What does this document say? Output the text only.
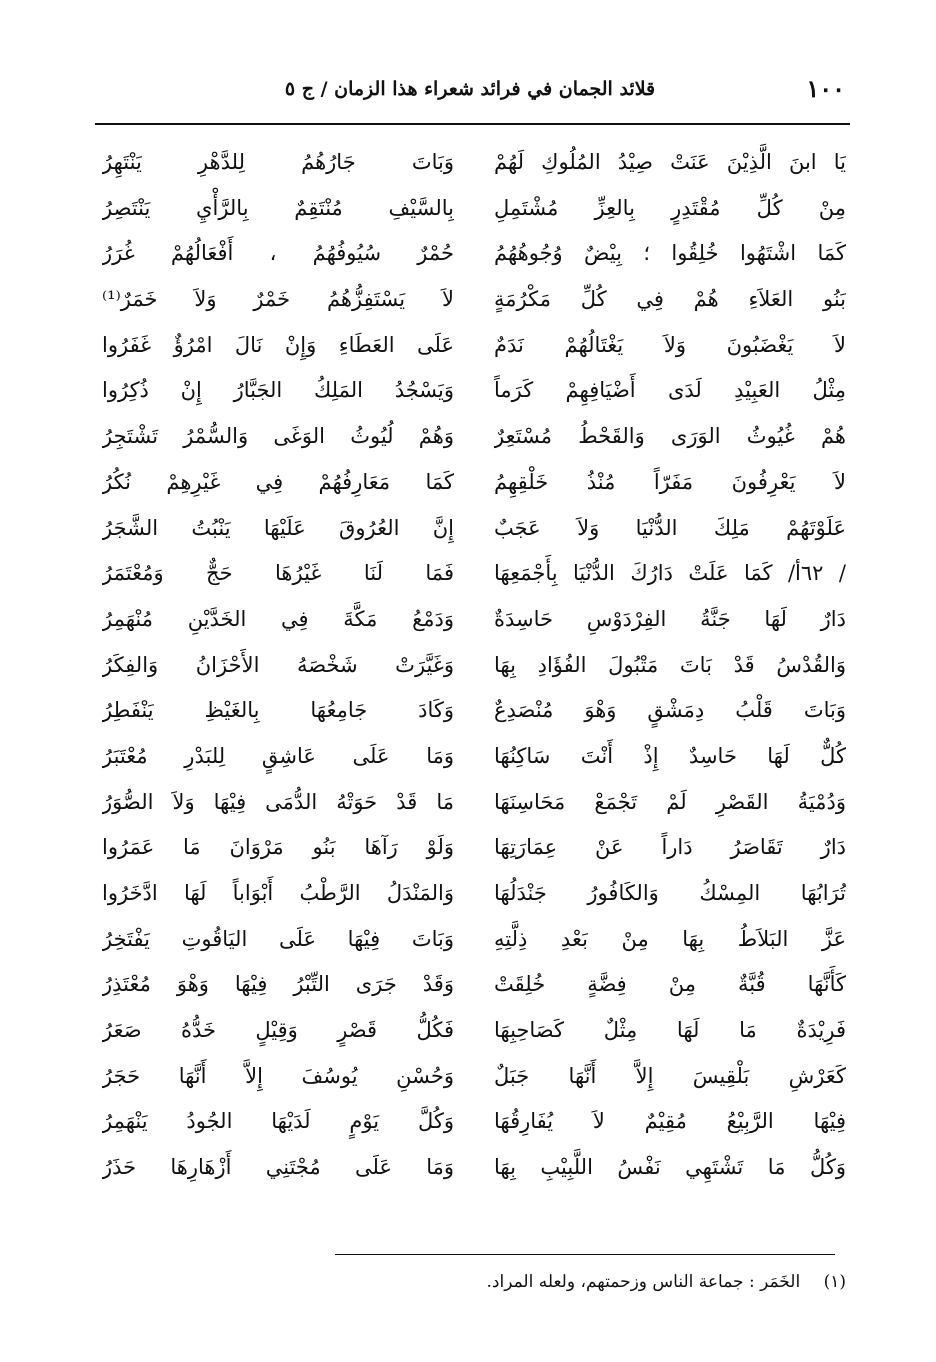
١٠٠
قلائد الجمان في فرائد شعراء هذا الزمان / ج ٥
يَا ابنَ الَّذِيْنَ عَنَتْ صِيْدُ المُلُوكِ لَهُمْ
مِنْ كُلِّ مُقْتَدِرٍ بِالعِزِّ مُشْتَمِلِ
كَمَا اشْتَهُوا خُلِقُوا ؛ بِيْضٌ وُجُوهُهُمُ
بَنُو العَلاَءِ هُمْ فِي كُلِّ مَكْرُمَةٍ
لاَ يَغْضَبُونَ وَلاَ يَغْتَالُهُمْ نَدَمٌ
مِثْلُ العَبِيْدِ لَدَى أَضْيَافِهِمْ كَرَماً
هُمْ غُيُوثُ الوَرَى وَالقَحْطُ مُسْتَعِرٌ
لاَ يَعْرِفُونَ مَفَرّاً مُنْذُ خَلْقِهِمُ
عَلَوْتَهُمْ مَلِكَ الدُّنْيَا وَلاَ عَجَبٌ
/ ٦٢أ/ كَمَا عَلَتْ دَارُكَ الدُّنْيَا بِأَجْمَعِهَا
دَارٌ لَهَا جَنَّةُ الفِرْدَوْسِ حَاسِدَةٌ
وَالقُدْسُ قَدْ بَاتَ مَتْبُولَ الفُؤَادِ بِهَا
وَبَاتَ قَلْبُ دِمَشْقٍ وَهْوَ مُنْصَدِعٌ
كُلٌّ لَهَا حَاسِدٌ إِذْ أَنْتَ سَاكِنُهَا
وَدُمْيَةُ القَصْرِ لَمْ تَجْمَعْ مَحَاسِنَهَا
دَارٌ تَقَاصَرُ دَاراً عَنْ عِمَارَتِهَا
تُرَابُهَا المِسْكُ وَالكَافُورُ جَنْدَلُهَا
عَزَّ البَلاَطُ بِهَا مِنْ بَعْدِ ذِلَّتِهِ
كَأَنَّهَا قُبَّةٌ مِنْ فِضَّةٍ خُلِقَتْ
فَرِيْدَةٌ مَا لَهَا مِثْلٌ كَصَاحِبِهَا
كَعَرْشِ بَلْقِيسَ إِلاَّ أَنَّهَا جَبَلٌ
فِيْهَا الرَّبِيْعُ مُقِيْمٌ لاَ يُفَارِقُهَا
وَكُلُّ مَا تَشْتَهِي نَفْسُ اللَّبِيْبِ بِهَا
وَبَاتَ جَارُهُمُ لِلدَّهْرِ يَنْتَهِرُ
بِالسَّيْفِ مُنْتَقِمٌ بِالرَّأْيِ يَنْتَصِرُ
حُمْرٌ سُيُوفُهُمُ ، أَفْعَالُهُمْ غُرَرُ
لاَ يَسْتَفِزُّهُمُ خَمْرٌ وَلاَ خَمَرٌ⁽¹⁾
عَلَى العَطَاءِ وَإِنْ نَالَ امْرُؤٌ غَفَرُوا
وَيَسْجُدُ المَلِكُ الجَبَّارُ إِنْ ذُكِرُوا
وَهُمْ لُيُوثُ الوَغَى وَالسُّمْرُ تَشْتَجِرُ
كَمَا مَعَارِفُهُمْ فِي غَيْرِهِمْ نُكُرُ
إِنَّ العُرُوقَ عَلَيْهَا يَنْبُتُ الشَّجَرُ
فَمَا لَنَا غَيْرُهَا حَجٌّ وَمُعْتَمَرُ
وَدَمْعُ مَكَّةَ فِي الخَدَّيْنِ مُنْهَمِرُ
وَغَيَّرَتْ شَخْصَهُ الأَحْزَانُ وَالفِكَرُ
وَكَادَ جَامِعُهَا بِالغَيْظِ يَنْفَطِرُ
وَمَا عَلَى عَاشِقٍ لِلبَدْرِ مُعْتَبَرُ
مَا قَدْ حَوَتْهُ الدُّمَى فِيْهَا وَلاَ الصُّوَرُ
وَلَوْ رَآهَا بَنُو مَرْوَانَ مَا عَمَرُوا
وَالمَنْدَلُ الرَّطْبُ أَبْوَاباً لَهَا ادَّخَرُوا
وَبَاتَ فِيْهَا عَلَى اليَاقُوتِ يَفْتَخِرُ
وَقَدْ جَرَى التِّبْرُ فِيْهَا وَهْوَ مُعْتَذِرُ
فَكُلُّ قَصْرٍ وَقِيْلٍ خَدُّهُ صَعَرُ
وَحُسْنِ يُوسُفَ إِلاَّ أَنَّهَا حَجَرُ
وَكُلَّ يَوْمٍ لَدَيْهَا الجُودُ يَنْهَمِرُ
وَمَا عَلَى مُجْتَنِي أَزْهَارِهَا حَذَرُ
(١) الخَمَر : جماعة الناس وزحمتهم، ولعله المراد.
